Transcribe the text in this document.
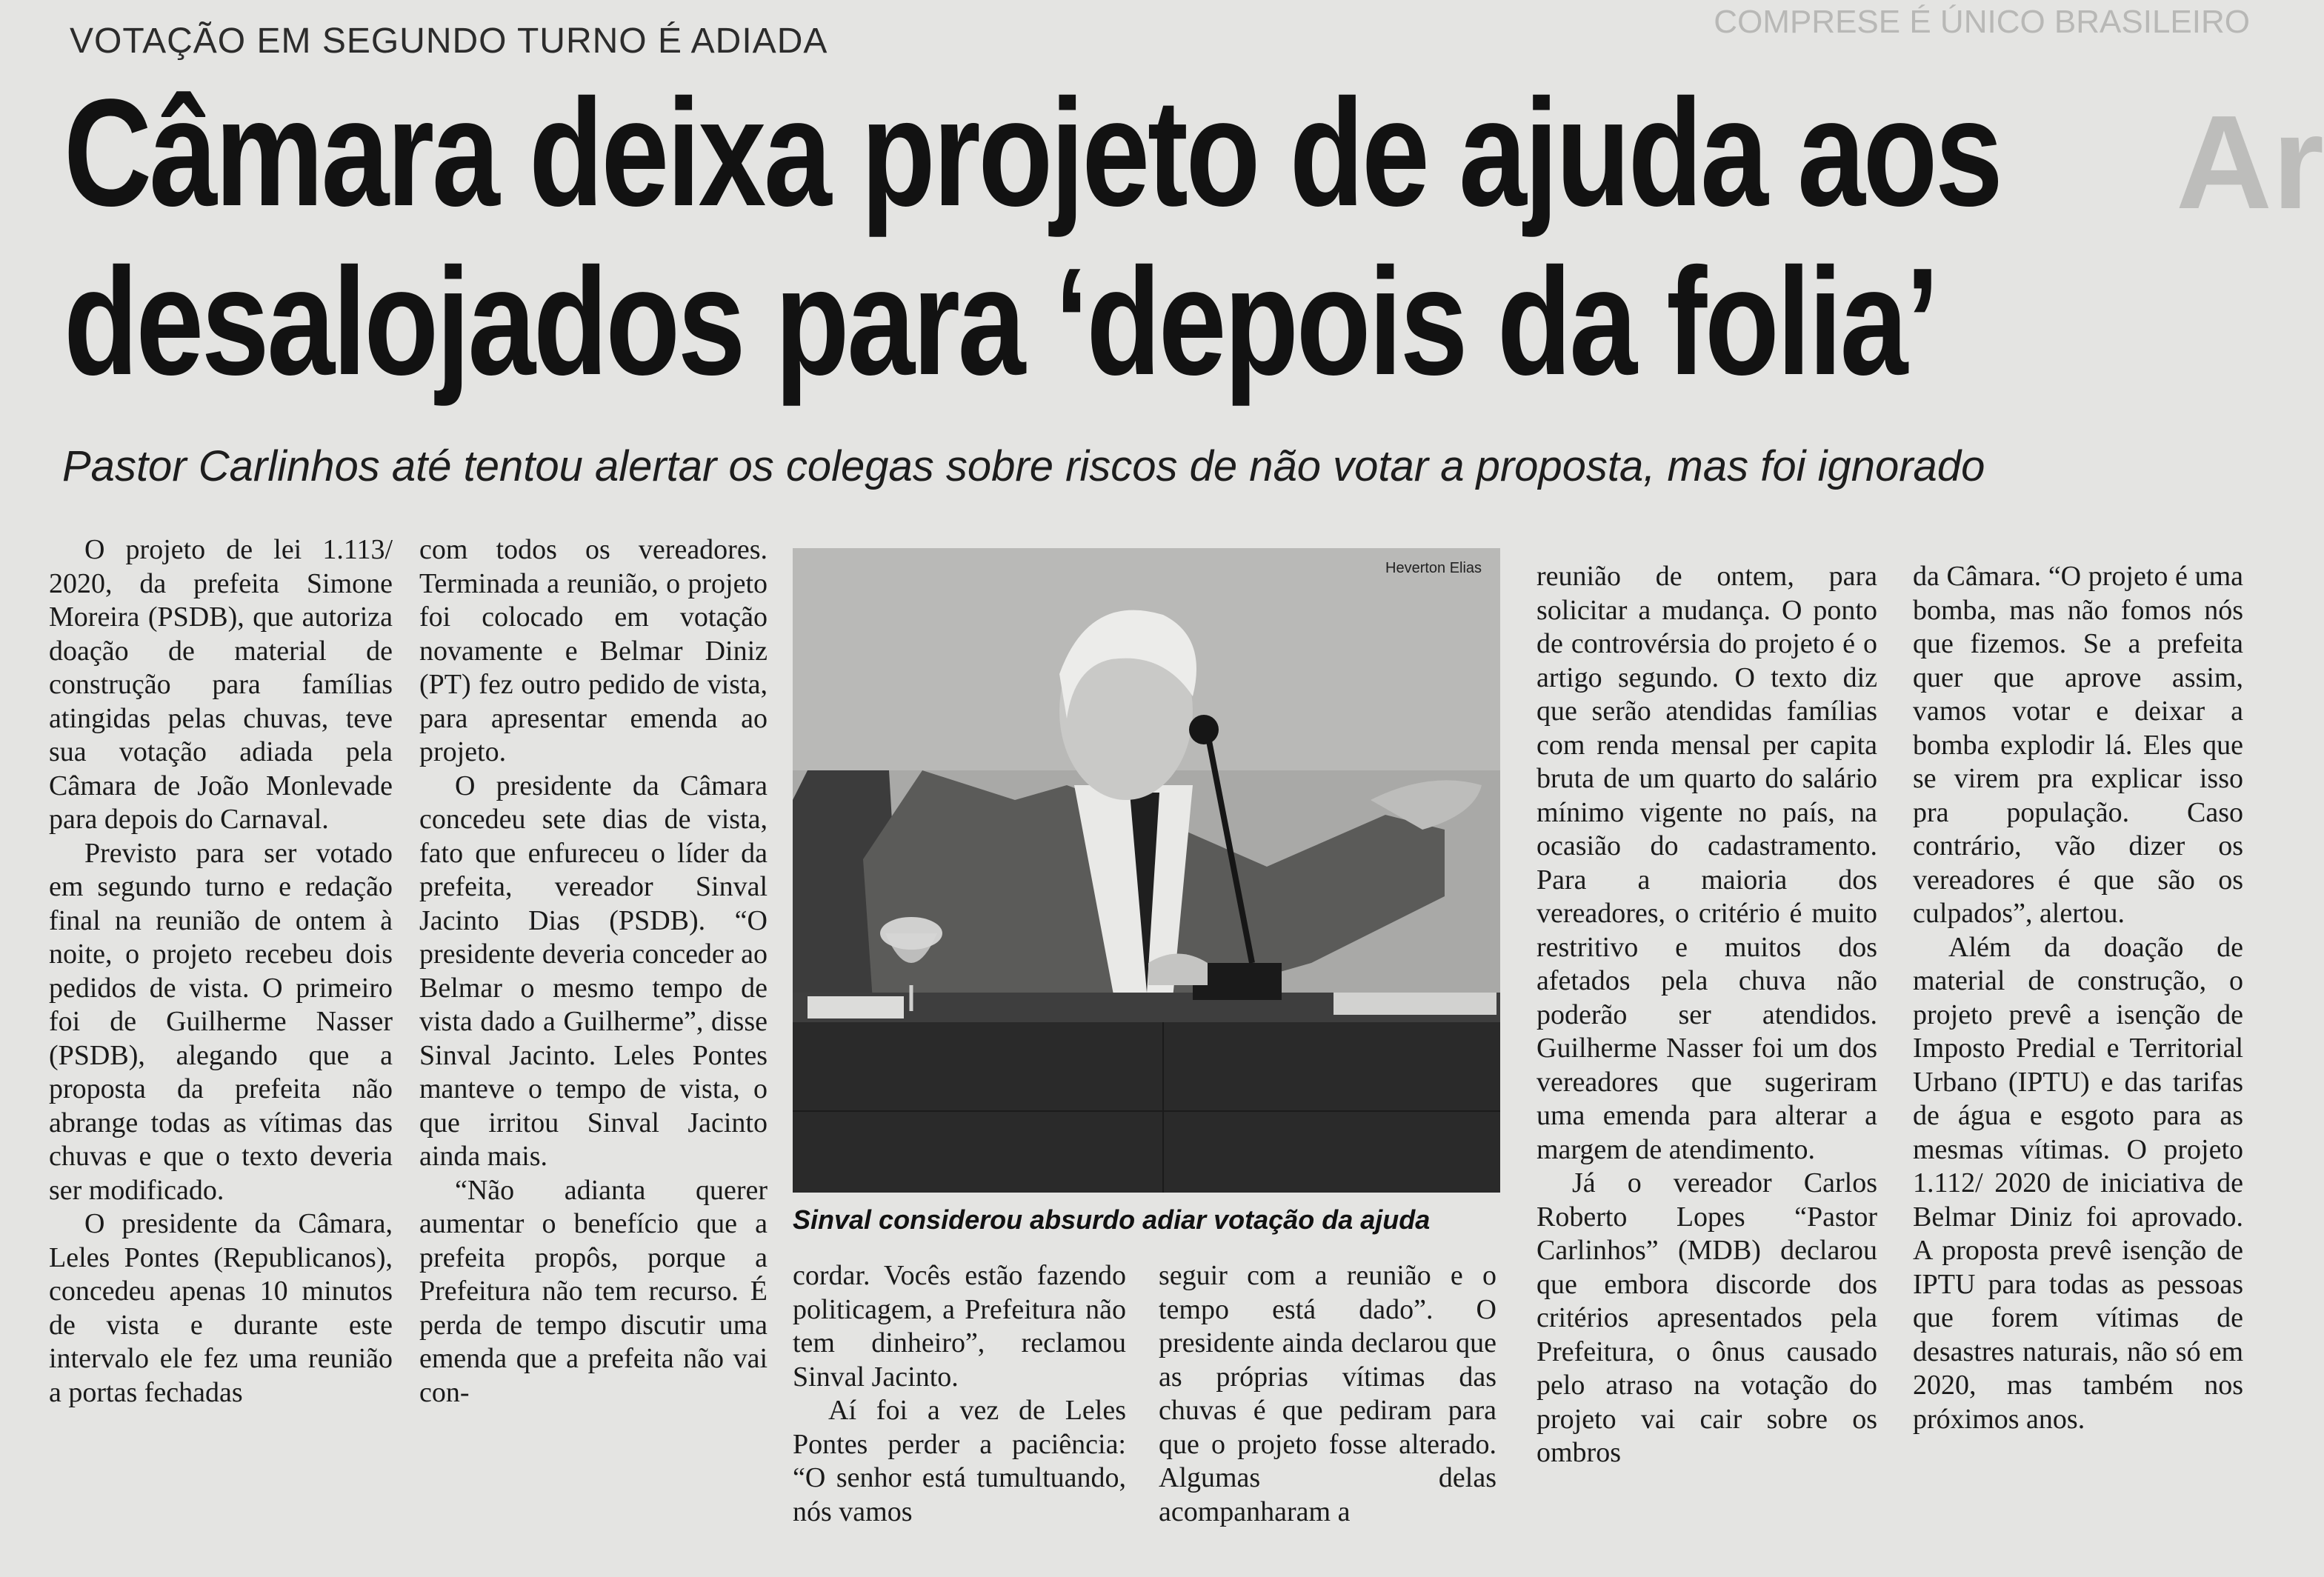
COMPRESE É ÚNICO BRASILEIRO
Ar
VOTAÇÃO EM SEGUNDO TURNO É ADIADA
Câmara deixa projeto de ajuda aos
desalojados para ‘depois da folia’

Pastor Carlinhos até tentou alertar os colegas sobre riscos de não votar a proposta, mas foi ignorado

O projeto de lei 1.113/ 2020, da prefeita Simone Moreira (PSDB), que autoriza doação de material de construção para famílias atingidas pelas chuvas, teve sua votação adiada pela Câmara de João Monlevade para depois do Carnaval.

Previsto para ser votado em segundo turno e redação final na reunião de ontem à noite, o projeto recebeu dois pedidos de vista. O primeiro foi de Guilherme Nasser (PSDB), alegando que a proposta da prefeita não abrange todas as vítimas das chuvas e que o texto deveria ser modificado.

O presidente da Câmara, Leles Pontes (Republicanos), concedeu apenas 10 minutos de vista e durante este intervalo ele fez uma reunião a portas fechadas

com todos os vereadores. Terminada a reunião, o projeto foi colocado em votação novamente e Belmar Diniz (PT) fez outro pedido de vista, para apresentar emenda ao projeto.

O presidente da Câmara concedeu sete dias de vista, fato que enfureceu o líder da prefeita, vereador Sinval Jacinto Dias (PSDB). “O presidente deveria conceder ao Belmar o mesmo tempo de vista dado a Guilherme”, disse Sinval Jacinto. Leles Pontes manteve o tempo de vista, o que irritou Sinval Jacinto ainda mais.

“Não adianta querer aumentar o benefício que a prefeita propôs, porque a Prefeitura não tem recurso. É perda de tempo discutir uma emenda que a prefeita não vai con-

Heverton Elias
Sinval considerou absurdo adiar votação da ajuda

cordar. Vocês estão fazendo politicagem, a Prefeitura não tem dinheiro”, reclamou Sinval Jacinto.

Aí foi a vez de Leles Pontes perder a paciência: “O senhor está tumultuando, nós vamos

seguir com a reunião e o tempo está dado”. O presidente ainda declarou que as próprias vítimas das chuvas é que pediram para que o projeto fosse alterado. Algumas delas acompanharam a

reunião de ontem, para solicitar a mudança. O ponto de controvérsia do projeto é o artigo segundo. O texto diz que serão atendidas famílias com renda mensal per capita bruta de um quarto do salário mínimo vigente no país, na ocasião do cadastramento. Para a maioria dos vereadores, o critério é muito restritivo e muitos dos afetados pela chuva não poderão ser atendidos. Guilherme Nasser foi um dos vereadores que sugeriram uma emenda para alterar a margem de atendimento.

Já o vereador Carlos Roberto Lopes “Pastor Carlinhos” (MDB) declarou que embora discorde dos critérios apresentados pela Prefeitura, o ônus causado pelo atraso na votação do projeto vai cair sobre os ombros

da Câmara. “O projeto é uma bomba, mas não fomos nós que fizemos. Se a prefeita quer que aprove assim, vamos votar e deixar a bomba explodir lá. Eles que se virem pra explicar isso pra população. Caso contrário, vão dizer os vereadores é que são os culpados”, alertou.

Além da doação de material de construção, o projeto prevê a isenção de Imposto Predial e Territorial Urbano (IPTU) e das tarifas de água e esgoto para as mesmas vítimas. O projeto 1.112/ 2020 de iniciativa de Belmar Diniz foi aprovado. A proposta prevê isenção de IPTU para todas as pessoas que forem vítimas de desastres naturais, não só em 2020, mas também nos próximos anos.
